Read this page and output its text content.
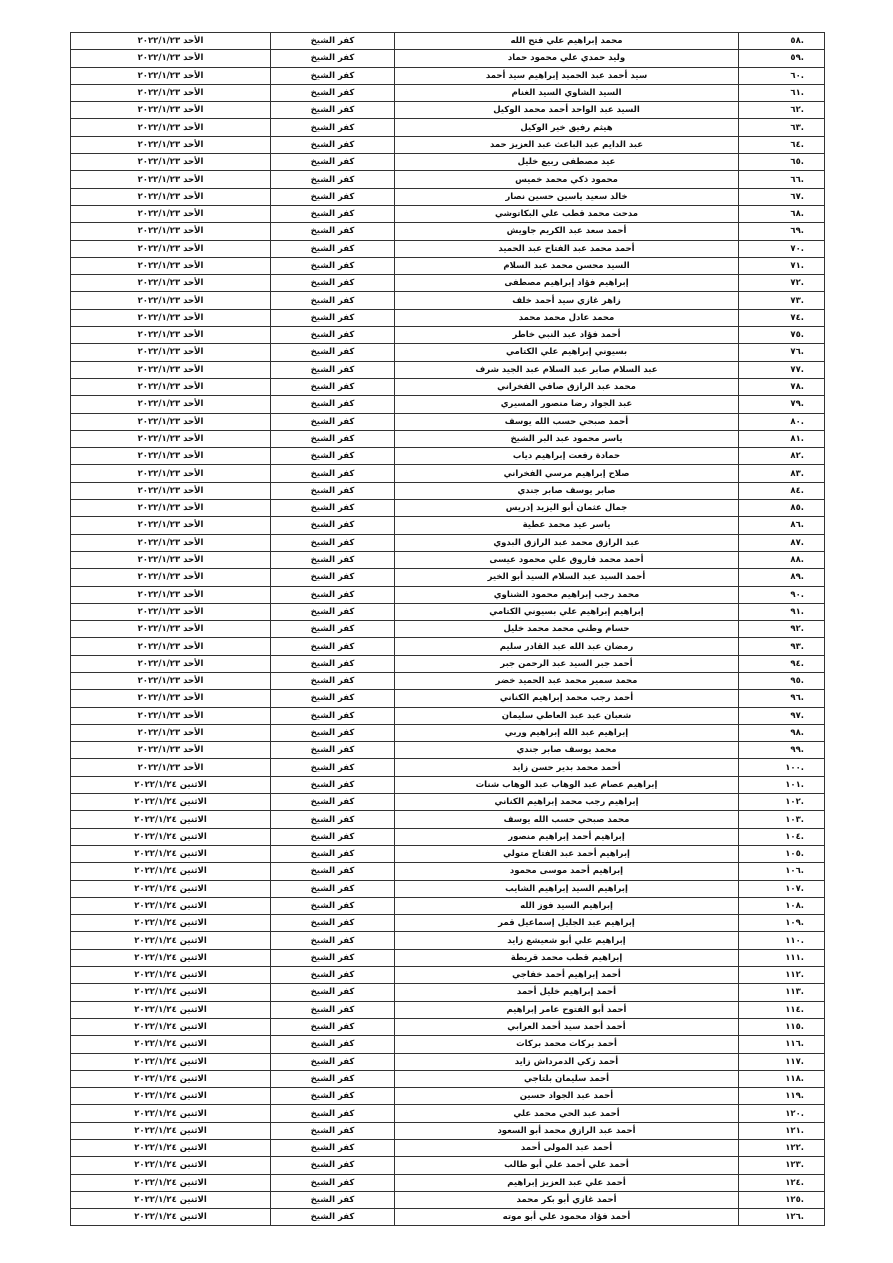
الأحد ٢٠٢٢/١/٢٣	كفر الشيخ	محمد إبراهيم علي فتح الله	.٥٨
الأحد ٢٠٢٢/١/٢٣	كفر الشيخ	وليد حمدي علي محمود حماد	.٥٩
الأحد ٢٠٢٢/١/٢٣	كفر الشيخ	سيد أحمد عبد الحميد إبراهيم سيد أحمد	.٦٠
الأحد ٢٠٢٢/١/٢٣	كفر الشيخ	السيد الشاوي السيد الغنام	.٦١
الأحد ٢٠٢٢/١/٢٣	كفر الشيخ	السيد عبد الواحد أحمد محمد الوكيل	.٦٢
الأحد ٢٠٢٢/١/٢٣	كفر الشيخ	هيثم رفيق خير الوكيل	.٦٣
الأحد ٢٠٢٢/١/٢٣	كفر الشيخ	عبد الدايم عبد الباعث عبد العزيز حمد	.٦٤
الأحد ٢٠٢٢/١/٢٣	كفر الشيخ	عيد مصطفى ربيع خليل	.٦٥
الأحد ٢٠٢٢/١/٢٣	كفر الشيخ	محمود ذكي محمد خميس	.٦٦
الأحد ٢٠٢٢/١/٢٣	كفر الشيخ	خالد سعيد ياسين حسين نصار	.٦٧
الأحد ٢٠٢٢/١/٢٣	كفر الشيخ	مدحت محمد قطب علي البكاتوشي	.٦٨
الأحد ٢٠٢٢/١/٢٣	كفر الشيخ	أحمد سعد عبد الكريم جاويش	.٦٩
الأحد ٢٠٢٢/١/٢٣	كفر الشيخ	أحمد محمد عبد الفتاح عبد الحميد	.٧٠
الأحد ٢٠٢٢/١/٢٣	كفر الشيخ	السيد محسن محمد عبد السلام	.٧١
الأحد ٢٠٢٢/١/٢٣	كفر الشيخ	إبراهيم فؤاد إبراهيم مصطفى	.٧٢
الأحد ٢٠٢٢/١/٢٣	كفر الشيخ	زاهر غازي سيد أحمد خلف	.٧٣
الأحد ٢٠٢٢/١/٢٣	كفر الشيخ	محمد عادل محمد محمد	.٧٤
الأحد ٢٠٢٢/١/٢٣	كفر الشيخ	أحمد فؤاد عبد النبي خاطر	.٧٥
الأحد ٢٠٢٢/١/٢٣	كفر الشيخ	بسيوني إبراهيم علي الكتامي	.٧٦
الأحد ٢٠٢٢/١/٢٣	كفر الشيخ	عبد السلام صابر عبد السلام عبد الجيد شرف	.٧٧
الأحد ٢٠٢٢/١/٢٣	كفر الشيخ	محمد عبد الرازق صافي الفخراني	.٧٨
الأحد ٢٠٢٢/١/٢٣	كفر الشيخ	عبد الجواد رضا منصور المسيري	.٧٩
الأحد ٢٠٢٢/١/٢٣	كفر الشيخ	أحمد صبحي حسب الله يوسف	.٨٠
الأحد ٢٠٢٢/١/٢٣	كفر الشيخ	ياسر محمود عبد البر الشيخ	.٨١
الأحد ٢٠٢٢/١/٢٣	كفر الشيخ	حمادة رفعت إبراهيم دياب	.٨٢
الأحد ٢٠٢٢/١/٢٣	كفر الشيخ	صلاح إبراهيم مرسي الفخراني	.٨٣
الأحد ٢٠٢٢/١/٢٣	كفر الشيخ	صابر يوسف صابر جندي	.٨٤
الأحد ٢٠٢٢/١/٢٣	كفر الشيخ	جمال عثمان أبو اليزيد إدريس	.٨٥
الأحد ٢٠٢٢/١/٢٣	كفر الشيخ	ياسر عيد محمد عطية	.٨٦
الأحد ٢٠٢٢/١/٢٣	كفر الشيخ	عبد الرازق محمد عبد الرازق البدوي	.٨٧
الأحد ٢٠٢٢/١/٢٣	كفر الشيخ	أحمد محمد فاروق علي محمود عيسى	.٨٨
الأحد ٢٠٢٢/١/٢٣	كفر الشيخ	أحمد السيد عبد السلام السيد أبو الخير	.٨٩
الأحد ٢٠٢٢/١/٢٣	كفر الشيخ	محمد رجب إبراهيم محمود الشناوي	.٩٠
الأحد ٢٠٢٢/١/٢٣	كفر الشيخ	إبراهيم إبراهيم علي بسيوني الكتامي	.٩١
الأحد ٢٠٢٢/١/٢٣	كفر الشيخ	حسام وطني محمد محمد خليل	.٩٢
الأحد ٢٠٢٢/١/٢٣	كفر الشيخ	رمضان عبد الله عبد القادر سليم	.٩٣
الأحد ٢٠٢٢/١/٢٣	كفر الشيخ	أحمد جبر السيد عبد الرحمن جبر	.٩٤
الأحد ٢٠٢٢/١/٢٣	كفر الشيخ	محمد سمير محمد عبد الحميد خضر	.٩٥
الأحد ٢٠٢٢/١/٢٣	كفر الشيخ	أحمد رجب محمد إبراهيم الكناني	.٩٦
الأحد ٢٠٢٢/١/٢٣	كفر الشيخ	شعبان عبد عبد العاطي سليمان	.٩٧
الأحد ٢٠٢٢/١/٢٣	كفر الشيخ	إبراهيم عبد الله إبراهيم وربي	.٩٨
الأحد ٢٠٢٢/١/٢٣	كفر الشيخ	محمد يوسف صابر جندي	.٩٩
الأحد ٢٠٢٢/١/٢٣	كفر الشيخ	أحمد محمد بدير حسن زايد	.١٠٠
الاثنين ٢٠٢٢/١/٢٤	كفر الشيخ	إبراهيم عصام عبد الوهاب عبد الوهاب شنات	.١٠١
الاثنين ٢٠٢٢/١/٢٤	كفر الشيخ	إبراهيم رجب محمد إبراهيم الكناني	.١٠٢
الاثنين ٢٠٢٢/١/٢٤	كفر الشيخ	محمد صبحي حسب الله يوسف	.١٠٣
الاثنين ٢٠٢٢/١/٢٤	كفر الشيخ	إبراهيم أحمد إبراهيم منصور	.١٠٤
الاثنين ٢٠٢٢/١/٢٤	كفر الشيخ	إبراهيم أحمد عبد الفتاح متولي	.١٠٥
الاثنين ٢٠٢٢/١/٢٤	كفر الشيخ	إبراهيم أحمد موسى محمود	.١٠٦
الاثنين ٢٠٢٢/١/٢٤	كفر الشيخ	إبراهيم السيد إبراهيم الشايب	.١٠٧
الاثنين ٢٠٢٢/١/٢٤	كفر الشيخ	إبراهيم السيد فوز الله	.١٠٨
الاثنين ٢٠٢٢/١/٢٤	كفر الشيخ	إبراهيم عبد الجليل إسماعيل قمر	.١٠٩
الاثنين ٢٠٢٢/١/٢٤	كفر الشيخ	إبراهيم علي أبو شعيشع زايد	.١١٠
الاثنين ٢٠٢٢/١/٢٤	كفر الشيخ	إبراهيم قطب محمد قريطة	.١١١
الاثنين ٢٠٢٢/١/٢٤	كفر الشيخ	أحمد إبراهيم أحمد خفاجي	.١١٢
الاثنين ٢٠٢٢/١/٢٤	كفر الشيخ	أحمد إبراهيم خليل أحمد	.١١٣
الاثنين ٢٠٢٢/١/٢٤	كفر الشيخ	أحمد أبو الفتوح عامر إبراهيم	.١١٤
الاثنين ٢٠٢٢/١/٢٤	كفر الشيخ	أحمد أحمد سيد أحمد العرابي	.١١٥
الاثنين ٢٠٢٢/١/٢٤	كفر الشيخ	أحمد بركات محمد بركات	.١١٦
الاثنين ٢٠٢٢/١/٢٤	كفر الشيخ	أحمد زكي الدمرداش زايد	.١١٧
الاثنين ٢٠٢٢/١/٢٤	كفر الشيخ	أحمد سليمان بلتاجي	.١١٨
الاثنين ٢٠٢٢/١/٢٤	كفر الشيخ	أحمد عبد الجواد حسين	.١١٩
الاثنين ٢٠٢٢/١/٢٤	كفر الشيخ	أحمد عبد الحي محمد علي	.١٢٠
الاثنين ٢٠٢٢/١/٢٤	كفر الشيخ	أحمد عبد الرازق محمد أبو السعود	.١٢١
الاثنين ٢٠٢٢/١/٢٤	كفر الشيخ	أحمد عبد المولى أحمد	.١٢٢
الاثنين ٢٠٢٢/١/٢٤	كفر الشيخ	أحمد علي أحمد علي أبو طالب	.١٢٣
الاثنين ٢٠٢٢/١/٢٤	كفر الشيخ	أحمد علي عبد العزيز إبراهيم	.١٢٤
الاثنين ٢٠٢٢/١/٢٤	كفر الشيخ	أحمد غازي أبو بكر محمد	.١٢٥
الاثنين ٢٠٢٢/١/٢٤	كفر الشيخ	أحمد فؤاد محمود علي أبو موته	.١٢٦
